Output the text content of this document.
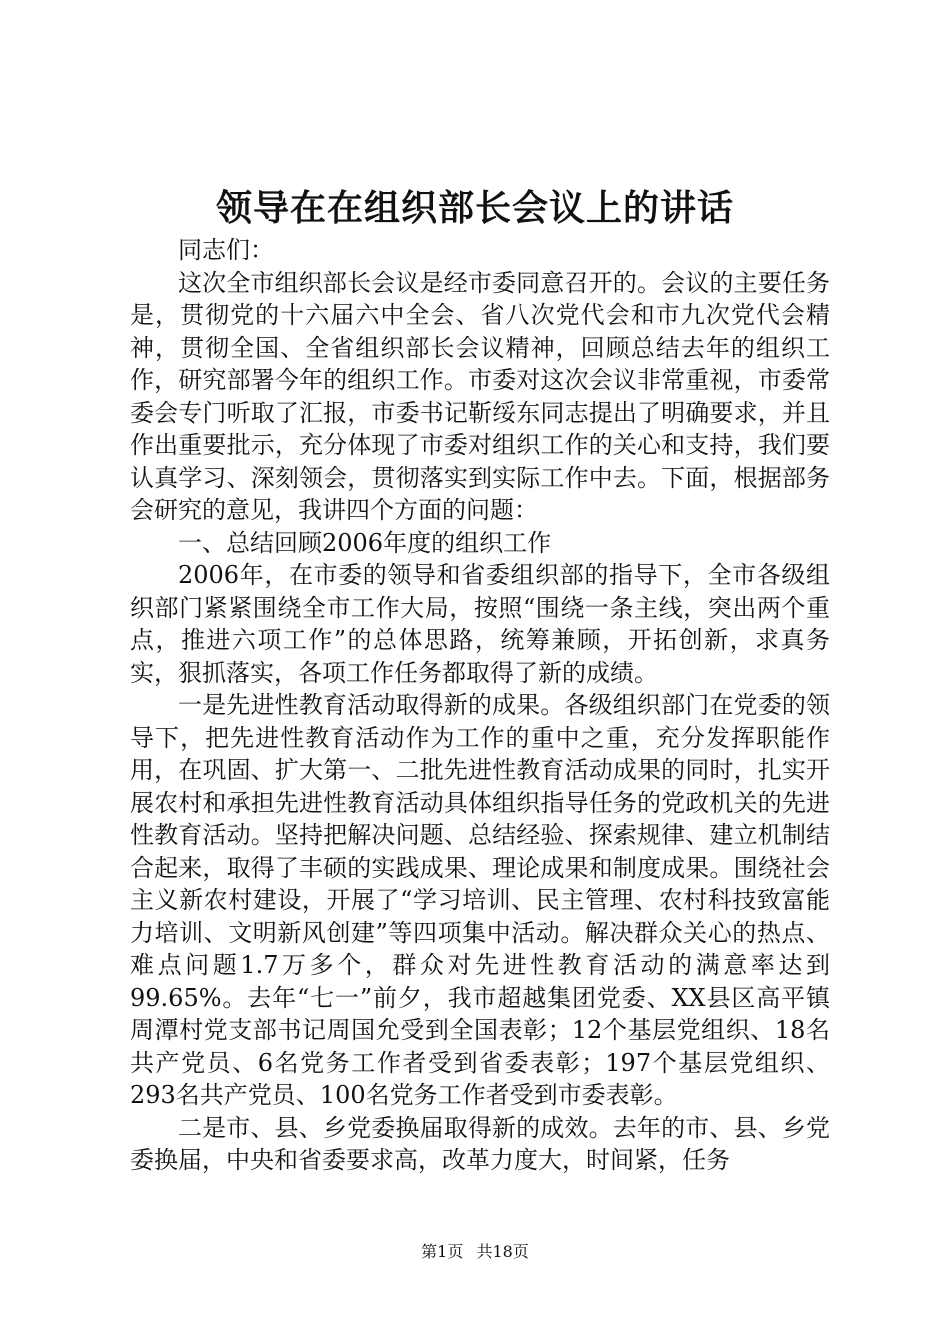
领导在在组织部长会议上的讲话

同志们：

这次全市组织部长会议是经市委同意召开的。会议的主要任务是，贯彻党的十六届六中全会、省八次党代会和市九次党代会精神，贯彻全国、全省组织部长会议精神，回顾总结去年的组织工作，研究部署今年的组织工作。市委对这次会议非常重视，市委常委会专门听取了汇报，市委书记靳绥东同志提出了明确要求，并且作出重要批示，充分体现了市委对组织工作的关心和支持，我们要认真学习、深刻领会，贯彻落实到实际工作中去。下面，根据部务会研究的意见，我讲四个方面的问题：

一、总结回顾2006年度的组织工作

2006年，在市委的领导和省委组织部的指导下，全市各级组织部门紧紧围绕全市工作大局，按照“围绕一条主线，突出两个重点，推进六项工作”的总体思路，统筹兼顾，开拓创新，求真务实，狠抓落实，各项工作任务都取得了新的成绩。

一是先进性教育活动取得新的成果。各级组织部门在党委的领导下，把先进性教育活动作为工作的重中之重，充分发挥职能作用，在巩固、扩大第一、二批先进性教育活动成果的同时，扎实开展农村和承担先进性教育活动具体组织指导任务的党政机关的先进性教育活动。坚持把解决问题、总结经验、探索规律、建立机制结合起来，取得了丰硕的实践成果、理论成果和制度成果。围绕社会主义新农村建设，开展了“学习培训、民主管理、农村科技致富能力培训、文明新风创建”等四项集中活动。解决群众关心的热点、难点问题1.7万多个，群众对先进性教育活动的满意率达到99.65%。去年“七一”前夕，我市超越集团党委、XX县区高平镇周潭村党支部书记周国允受到全国表彰；12个基层党组织、18名共产党员、6名党务工作者受到省委表彰；197个基层党组织、293名共产党员、100名党务工作者受到市委表彰。

二是市、县、乡党委换届取得新的成效。去年的市、县、乡党委换届，中央和省委要求高，改革力度大，时间紧，任务

第1页 共18页
